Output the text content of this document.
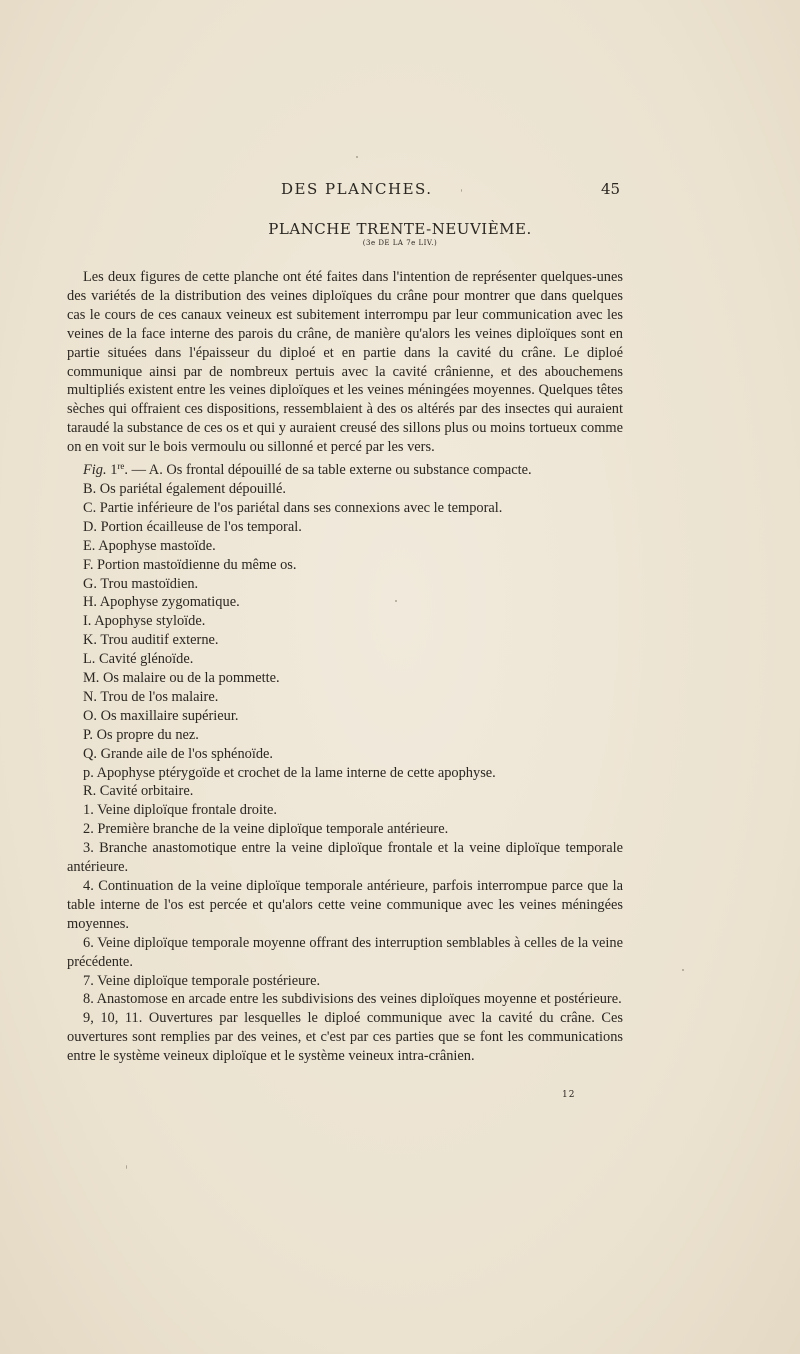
DES PLANCHES.	45
PLANCHE TRENTE-NEUVIÈME.
(3e DE LA 7e LIV.)

Les deux figures de cette planche ont été faites dans l'intention de représenter quelques-unes des variétés de la distribution des veines diploïques du crâne pour montrer que dans quelques cas le cours de ces canaux veineux est subitement interrompu par leur communication avec les veines de la face interne des parois du crâne, de manière qu'alors les veines diploïques sont en partie situées dans l'épaisseur du diploé et en partie dans la cavité du crâne. Le diploé communique ainsi par de nombreux pertuis avec la cavité crânienne, et des abouchemens multipliés existent entre les veines diploïques et les veines méningées moyennes. Quelques têtes sèches qui offraient ces dispositions, ressemblaient à des os altérés par des insectes qui auraient taraudé la substance de ces os et qui y auraient creusé des sillons plus ou moins tortueux comme on en voit sur le bois vermoulu ou sillonné et percé par les vers.

Fig. 1re. — A. Os frontal dépouillé de sa table externe ou substance compacte.

B. Os pariétal également dépouillé.

C. Partie inférieure de l'os pariétal dans ses connexions avec le temporal.

D. Portion écailleuse de l'os temporal.

E. Apophyse mastoïde.

F. Portion mastoïdienne du même os.

G. Trou mastoïdien.

H. Apophyse zygomatique.

I. Apophyse styloïde.

K. Trou auditif externe.

L. Cavité glénoïde.

M. Os malaire ou de la pommette.

N. Trou de l'os malaire.

O. Os maxillaire supérieur.

P. Os propre du nez.

Q. Grande aile de l'os sphénoïde.

p. Apophyse ptérygoïde et crochet de la lame interne de cette apophyse.

R. Cavité orbitaire.

1. Veine diploïque frontale droite.

2. Première branche de la veine diploïque temporale antérieure.

3. Branche anastomotique entre la veine diploïque frontale et la veine diploïque temporale antérieure.

4. Continuation de la veine diploïque temporale antérieure, parfois interrompue parce que la table interne de l'os est percée et qu'alors cette veine communique avec les veines méningées moyennes.

6. Veine diploïque temporale moyenne offrant des interruption semblables à celles de la veine précédente.

7. Veine diploïque temporale postérieure.

8. Anastomose en arcade entre les subdivisions des veines diploïques moyenne et postérieure.

9, 10, 11. Ouvertures par lesquelles le diploé communique avec la cavité du crâne. Ces ouvertures sont remplies par des veines, et c'est par ces parties que se font les communications entre le système veineux diploïque et le système veineux intra-crânien.

12
